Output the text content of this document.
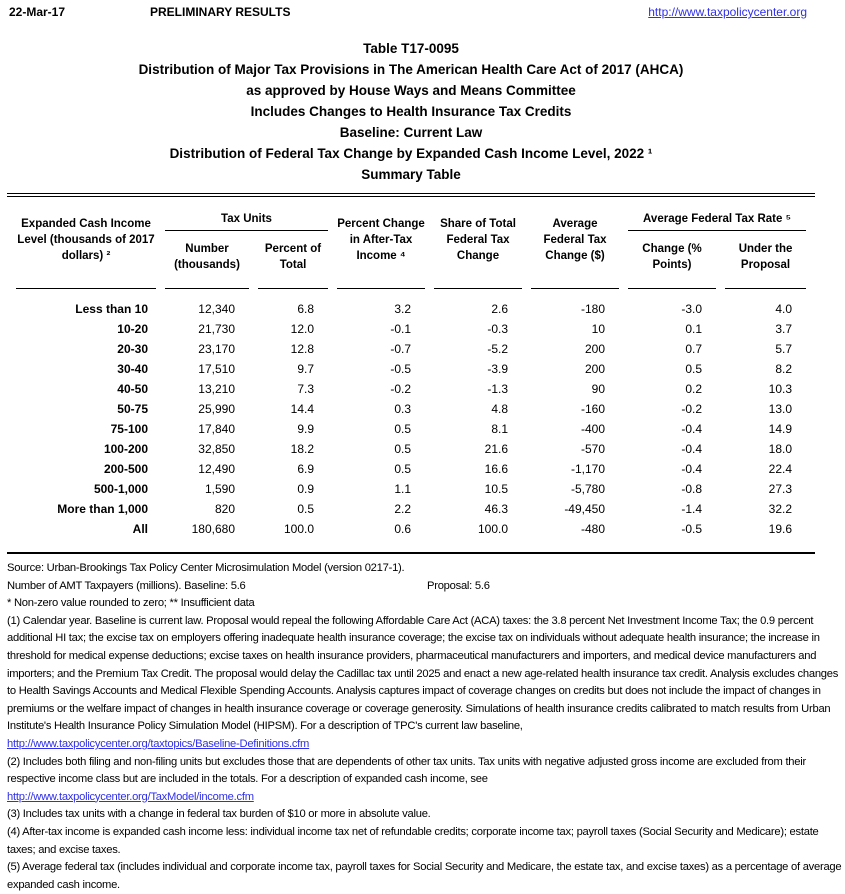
22-Mar-17	PRELIMINARY RESULTS	http://www.taxpolicycenter.org
Table T17-0095
Distribution of Major Tax Provisions in The American Health Care Act of 2017 (AHCA)
as approved by House Ways and Means Committee
Includes Changes to Health Insurance Tax Credits
Baseline: Current Law
Distribution of Federal Tax Change by Expanded Cash Income Level, 2022 ¹
Summary Table
Expanded Cash Income Level (thousands of 2017 dollars) ²	Tax Units		Percent Change in After-Tax Income ⁴	Share of Total Federal Tax Change	Average Federal Tax Change ($)	Average Federal Tax Rate ⁵	
	Number (thousands)	Percent of Total				Change (% Points)	Under the Proposal
Less than 10	12,340	6.8	3.2	2.6	-180	-3.0	4.0
10-20	21,730	12.0	-0.1	-0.3	10	0.1	3.7
20-30	23,170	12.8	-0.7	-5.2	200	0.7	5.7
30-40	17,510	9.7	-0.5	-3.9	200	0.5	8.2
40-50	13,210	7.3	-0.2	-1.3	90	0.2	10.3
50-75	25,990	14.4	0.3	4.8	-160	-0.2	13.0
75-100	17,840	9.9	0.5	8.1	-400	-0.4	14.9
100-200	32,850	18.2	0.5	21.6	-570	-0.4	18.0
200-500	12,490	6.9	0.5	16.6	-1,170	-0.4	22.4
500-1,000	1,590	0.9	1.1	10.5	-5,780	-0.8	27.3
More than 1,000	820	0.5	2.2	46.3	-49,450	-1.4	32.2
All	180,680	100.0	0.6	100.0	-480	-0.5	19.6

Source: Urban-Brookings Tax Policy Center Microsimulation Model (version 0217-1).

Number of AMT Taxpayers (millions). Baseline: 5.6	Proposal: 5.6

* Non-zero value rounded to zero; ** Insufficient data

(1) Calendar year. Baseline is current law. Proposal would repeal the following Affordable Care Act (ACA) taxes: the 3.8 percent Net Investment Income Tax; the 0.9 percent additional HI tax; the excise tax on employers offering inadequate health insurance coverage; the excise tax on individuals without adequate health insurance; the increase in threshold for medical expense deductions; excise taxes on health insurance providers, pharmaceutical manufacturers and importers, and medical device manufacturers and importers; and the Premium Tax Credit. The proposal would delay the Cadillac tax until 2025 and enact a new age-related health insurance tax credit. Analysis excludes changes to Health Savings Accounts and Medical Flexible Spending Accounts. Analysis captures impact of coverage changes on credits but does not include the impact of changes in premiums or the welfare impact of changes in health insurance coverage or coverage generosity. Simulations of health insurance credits calibrated to match results from Urban Institute's Health Insurance Policy Simulation Model (HIPSM). For a description of TPC's current law baseline,

http://www.taxpolicycenter.org/taxtopics/Baseline-Definitions.cfm

(2) Includes both filing and non-filing units but excludes those that are dependents of other tax units. Tax units with negative adjusted gross income are excluded from their respective income class but are included in the totals. For a description of expanded cash income, see

http://www.taxpolicycenter.org/TaxModel/income.cfm

(3) Includes tax units with a change in federal tax burden of $10 or more in absolute value.

(4) After-tax income is expanded cash income less: individual income tax net of refundable credits; corporate income tax; payroll taxes (Social Security and Medicare); estate taxes; and excise taxes.

(5) Average federal tax (includes individual and corporate income tax, payroll taxes for Social Security and Medicare, the estate tax, and excise taxes) as a percentage of average expanded cash income.
